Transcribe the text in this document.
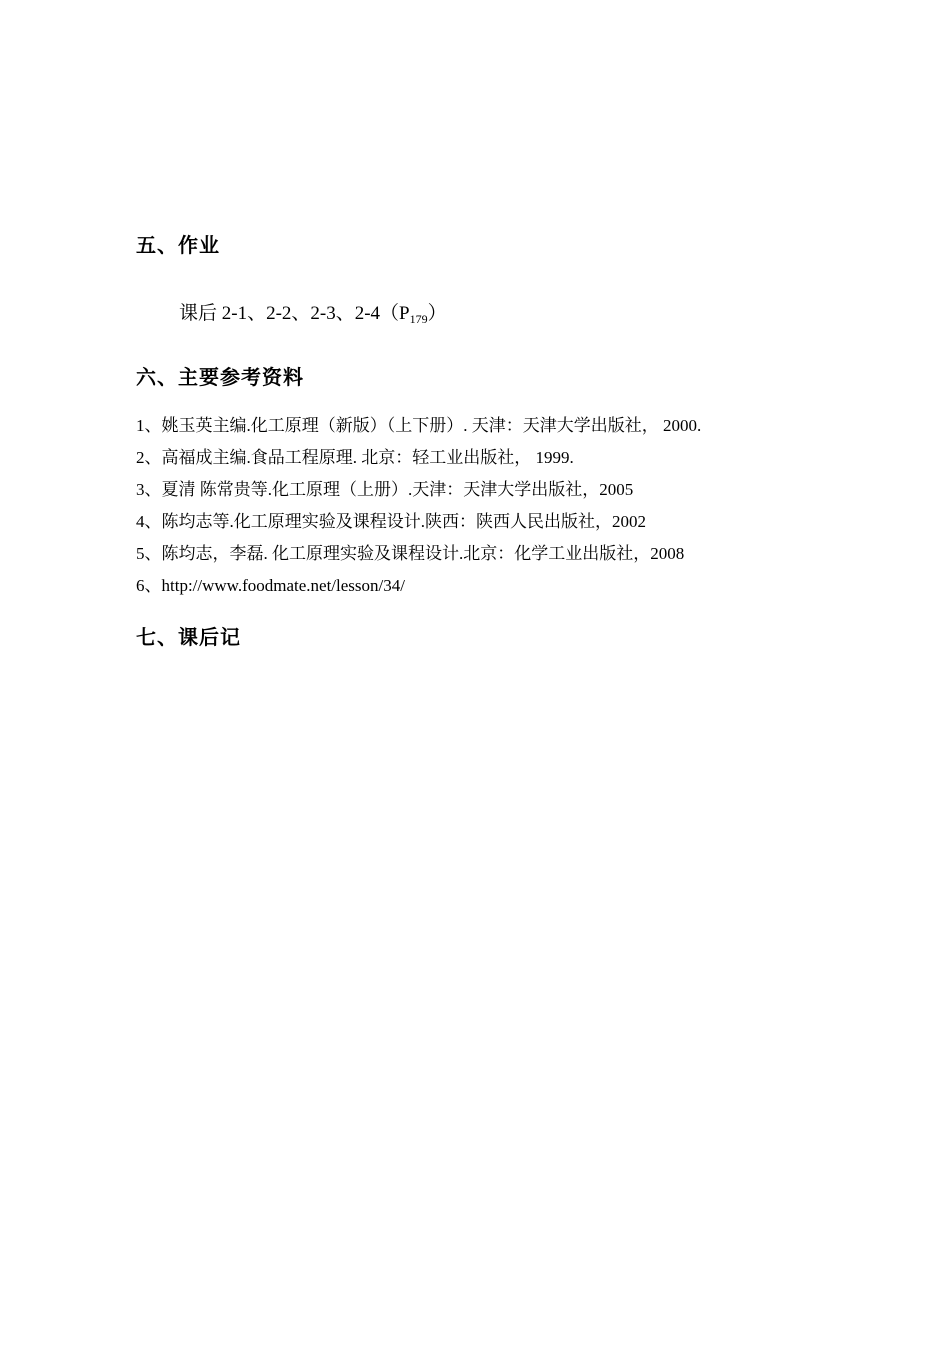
五、作业
课后 2-1、2-2、2-3、$2-4(P_{179})$
六、主要参考资料
1、姚玉英主编.化工原理（新版）（上下册）. 天津：天津大学出版社， 2000.
2、高福成主编.食品工程原理. 北京：轻工业出版社， 1999.
3、夏清 陈常贵等.化工原理（上册）.天津：天津大学出版社，2005
4、陈均志等.化工原理实验及课程设计.陕西：陕西人民出版社，2002
5、陈均志，李磊. 化工原理实验及课程设计.北京：化学工业出版社，2008
6、http://www.foodmate.net/lesson/34/
七、课后记
